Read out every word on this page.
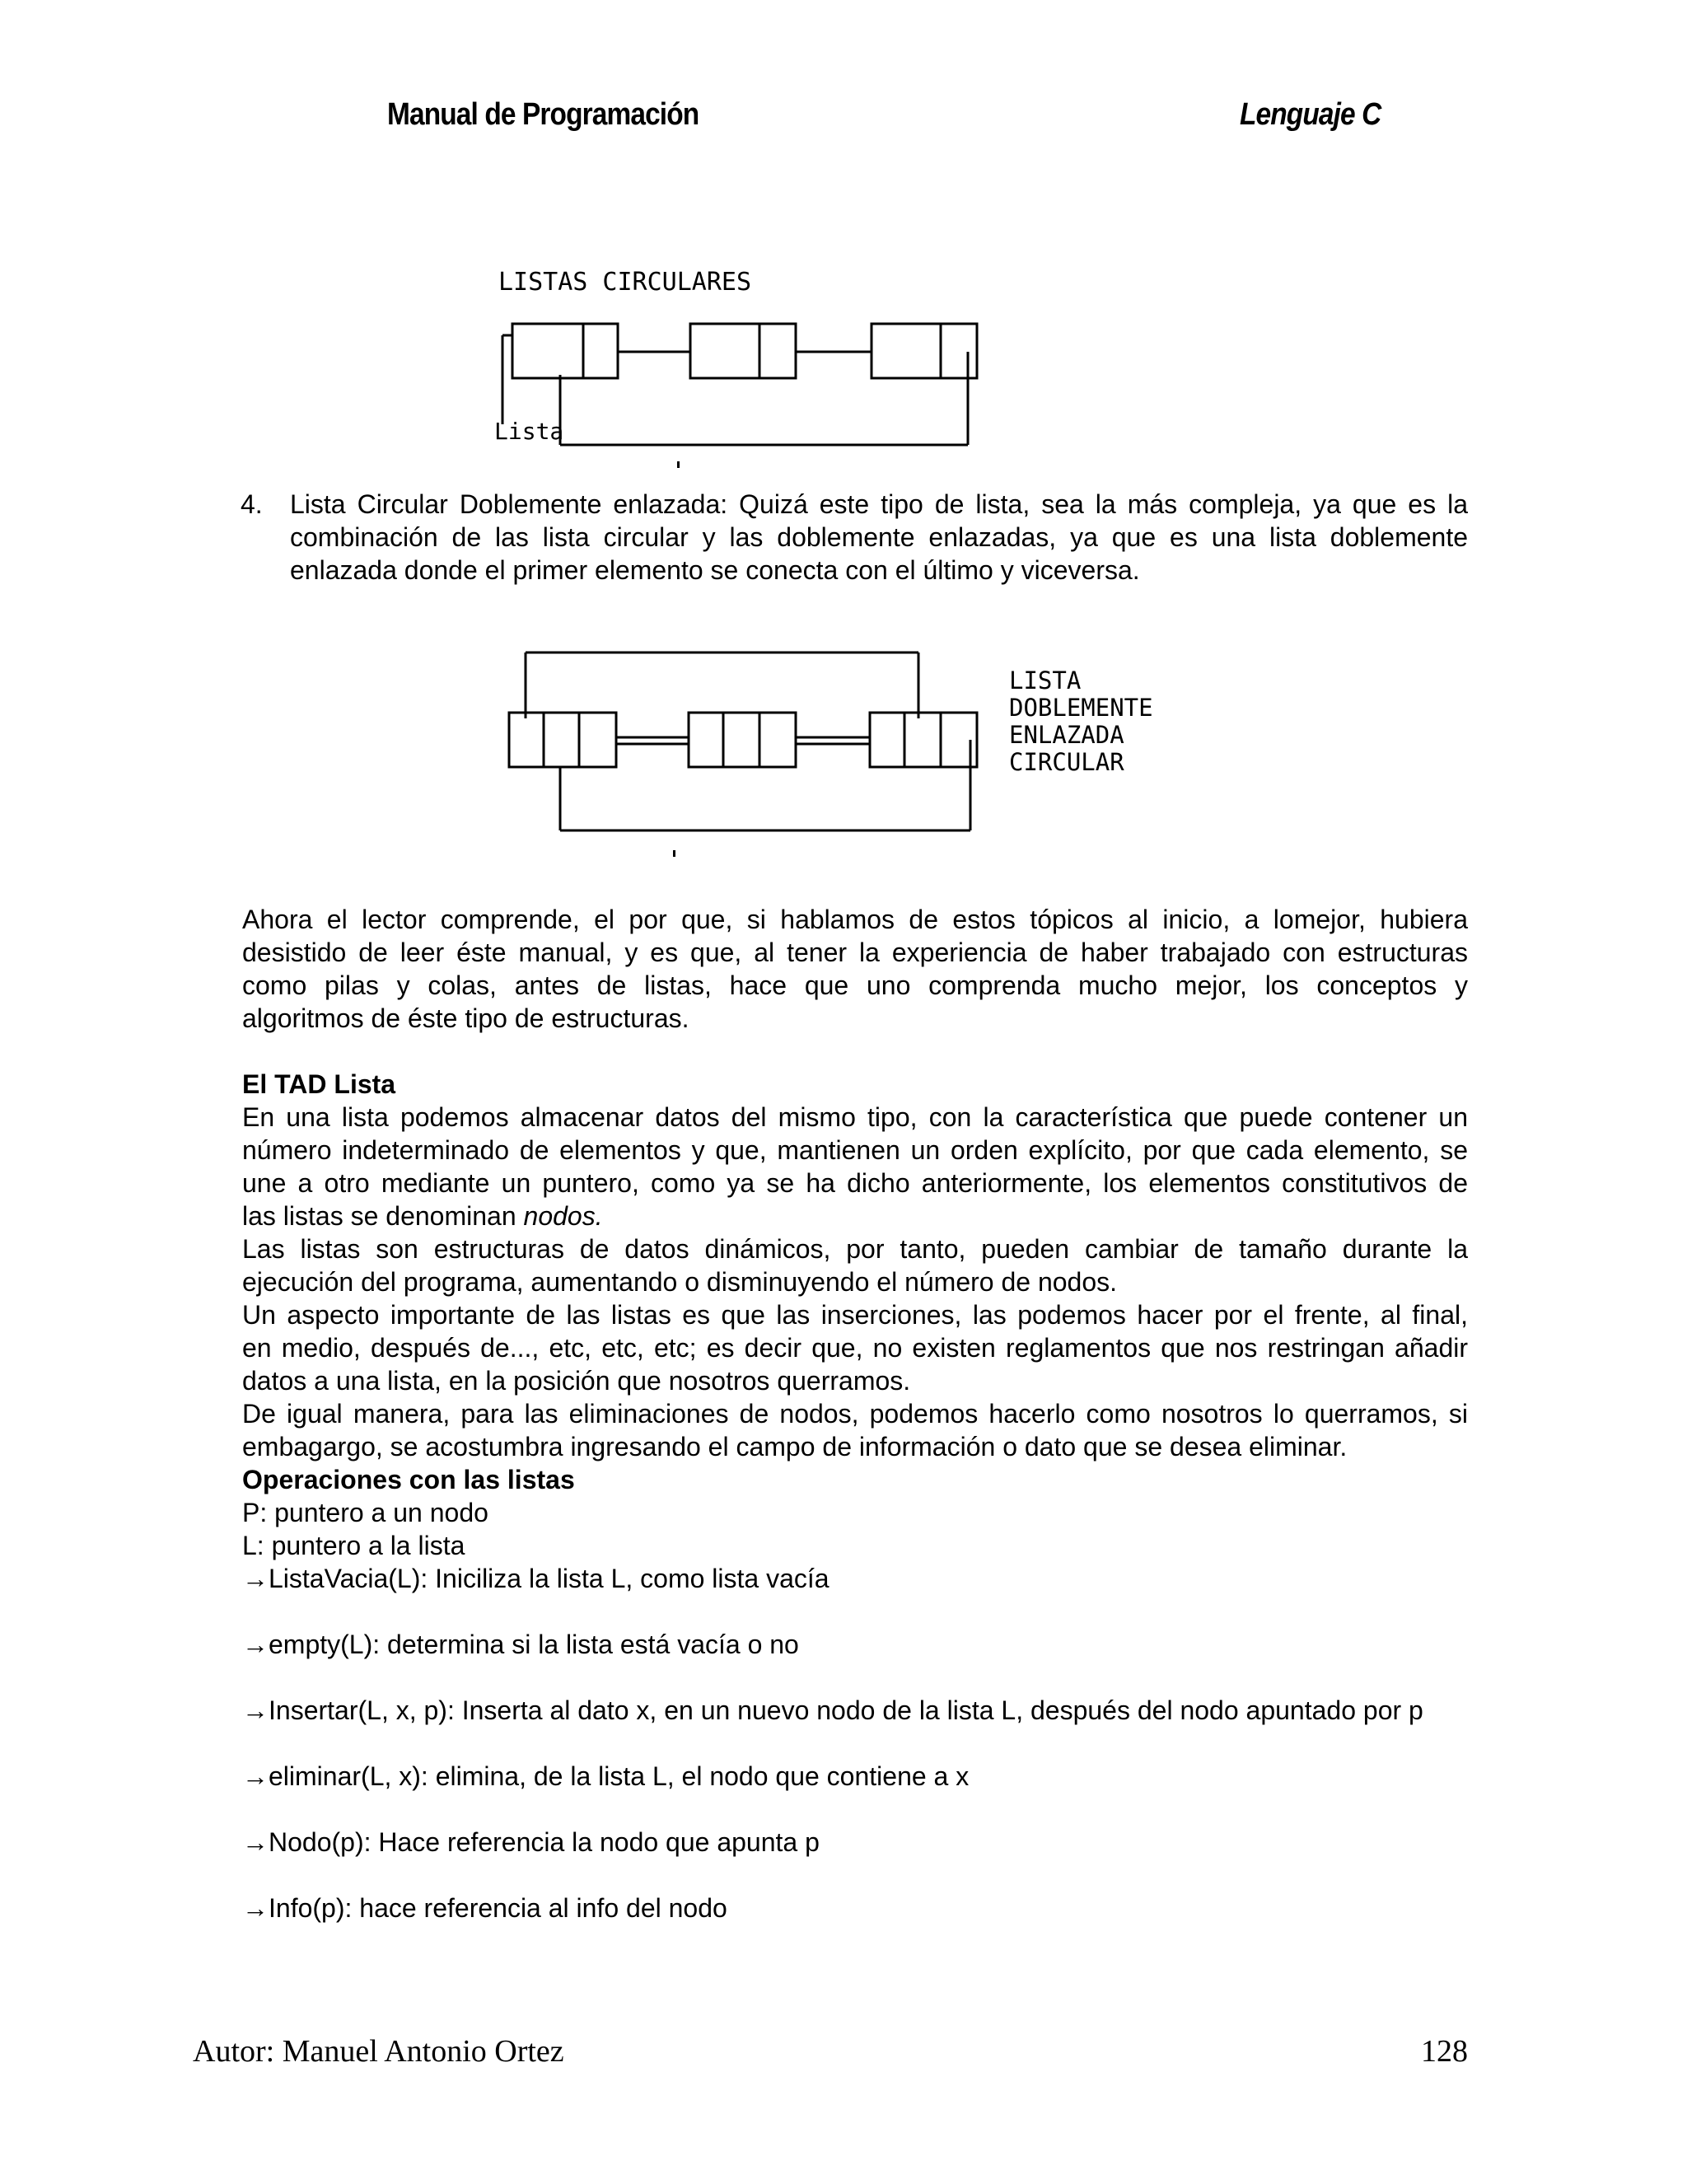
Manual de Programación	Lenguaje C
LISTAS CIRCULARES
Lista
4. Lista Circular Doblemente enlazada: Quizá este tipo de lista, sea la más compleja, ya que es la
combinación de las lista circular y las doblemente enlazadas, ya que es una lista doblemente
enlazada donde el primer elemento se conecta con el último y viceversa.
LISTA
DOBLEMENTE
ENLAZADA
CIRCULAR
Ahora el lector comprende, el por que, si hablamos de estos tópicos al inicio, a lomejor, hubiera
desistido de leer éste manual, y es que, al tener la experiencia de haber trabajado con estructuras
como pilas y colas, antes de listas, hace que uno comprenda mucho mejor, los conceptos y
algoritmos de éste tipo de estructuras.
El TAD Lista
En una lista podemos almacenar datos del mismo tipo, con la característica que puede contener un
número indeterminado de elementos y que, mantienen un orden explícito, por que cada elemento, se
une a otro mediante un puntero, como ya se ha dicho anteriormente, los elementos constitutivos de
las listas se denominan nodos.
Las listas son estructuras de datos dinámicos, por tanto, pueden cambiar de tamaño durante la
ejecución del programa, aumentando o disminuyendo el número de nodos.
Un aspecto importante de las listas es que las inserciones, las podemos hacer por el frente, al final,
en medio, después de..., etc, etc, etc; es decir que, no existen reglamentos que nos restringan añadir
datos a una lista, en la posición que nosotros querramos.
De igual manera, para las eliminaciones de nodos, podemos hacerlo como nosotros lo querramos, si
embagargo, se acostumbra ingresando el campo de información o dato que se desea eliminar.
Operaciones con las listas
P: puntero a un nodo
L: puntero a la lista
→ListaVacia(L): Iniciliza la lista L, como lista vacía
→empty(L): determina si la lista está vacía o no
→Insertar(L, x, p): Inserta al dato x, en un nuevo nodo de la lista L, después del nodo apuntado por p
→eliminar(L, x): elimina, de la lista L, el nodo que contiene a x
→Nodo(p): Hace referencia la nodo que apunta p
→Info(p): hace referencia al info del nodo
Autor: Manuel Antonio Ortez	128
